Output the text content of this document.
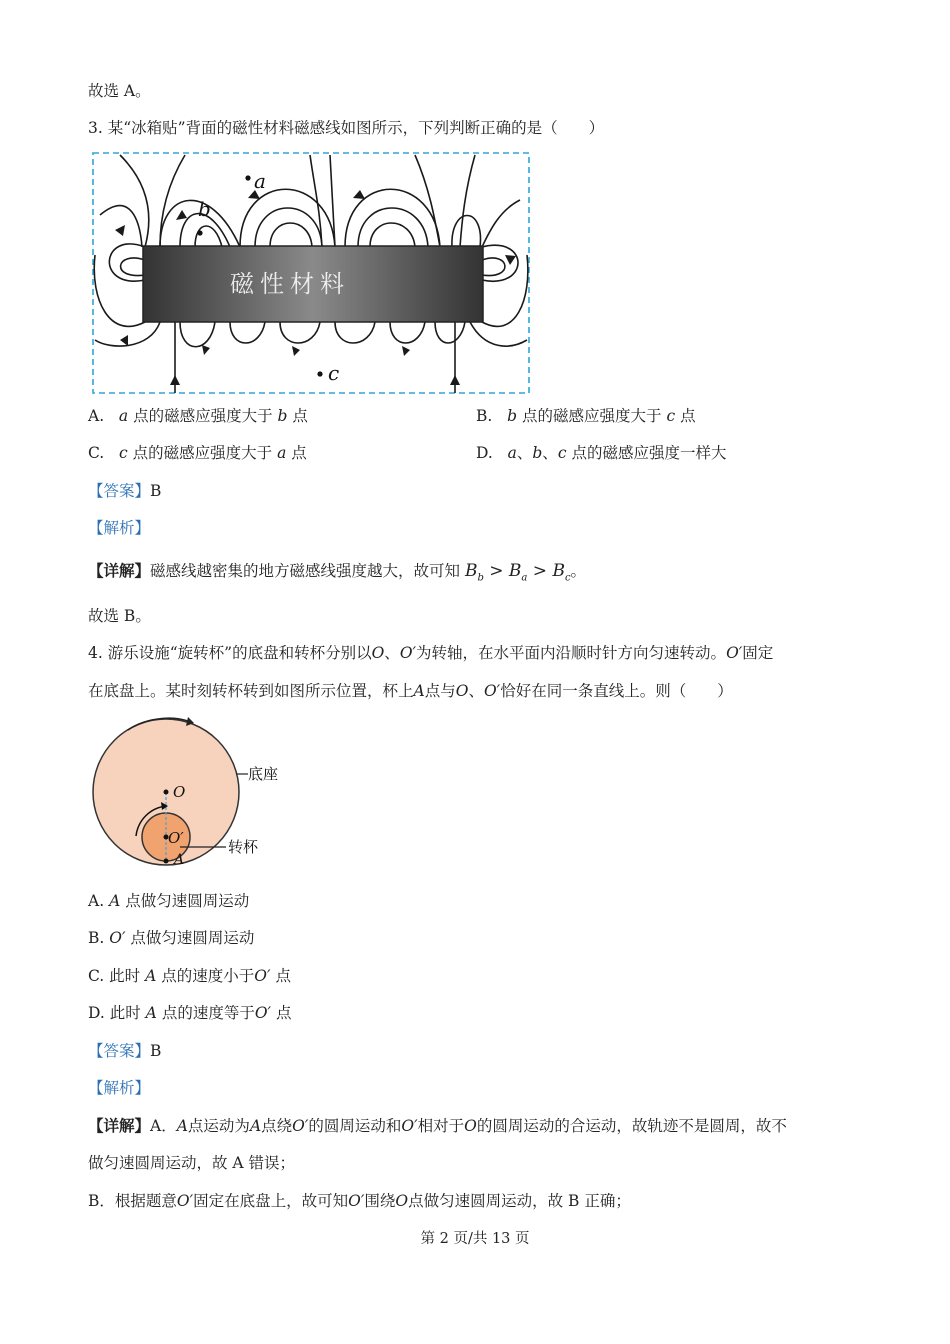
故选 A。
3. 某“冰箱贴”背面的磁性材料磁感线如图所示，下列判断正确的是（　　）
磁性材料
a
b
c
A. a 点的磁感应强度大于 b 点	B. b 点的磁感应强度大于 c 点
C. c 点的磁感应强度大于 a 点	D. a、b、c 点的磁感应强度一样大
【答案】B
【解析】
【详解】磁感线越密集的地方磁感线强度越大，故可知 $B_b > B_a > B_c$。
故选 B。
4. 游乐设施“旋转杯”的底盘和转杯分别以O、O′为转轴，在水平面内沿顺时针方向匀速转动。O′固定
在底盘上。某时刻转杯转到如图所示位置，杯上A点与O、O′恰好在同一条直线上。则（　　）
O
O′
A
底座
转杯
A. A 点做匀速圆周运动
B. O′ 点做匀速圆周运动
C. 此时 A 点的速度小于O′ 点
D. 此时 A 点的速度等于O′ 点
【答案】B
【解析】
【详解】A．A点运动为A点绕O′的圆周运动和O′相对于O的圆周运动的合运动，故轨迹不是圆周，故不
做匀速圆周运动，故 A 错误；
B．根据题意O′固定在底盘上，故可知O′围绕O点做匀速圆周运动，故 B 正确；
第 2 页/共 13 页
